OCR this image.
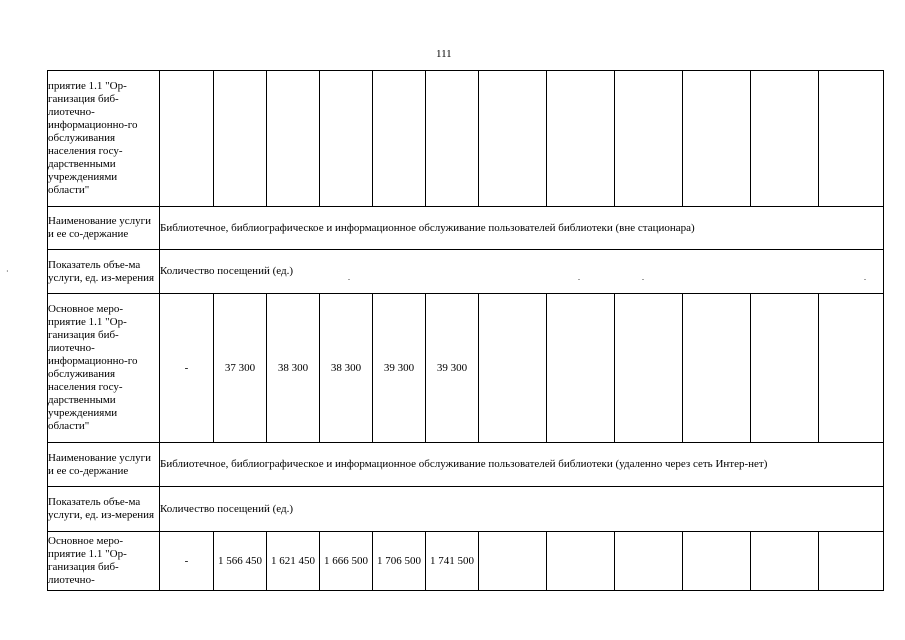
111
·
приятие 1.1 "Ор-ганизация биб-лиотечно-информационно-го обслуживания населения госу-дарственными учреждениями области"												
Наименование услуги и ее со-держание	Библиотечное, библиографическое и информационное обслуживание пользователей библиотеки (вне стационара)											
Показатель объе-ма услуги, ед. из-мерения	Количество посещений (ед.)
. . . .											

Основное меро-приятие 1.1 "Ор-ганизация биб-лиотечно-информационно-го обслуживания населения госу-дарственными учреждениями области"	-	37 300	38 300	38 300	39 300	39 300						
Наименование услуги и ее со-держание	Библиотечное, библиографическое и информационное обслуживание пользователей библиотеки (удаленно через сеть Интер-нет)											
Показатель объе-ма услуги, ед. из-мерения	Количество посещений (ед.)											
Основное меро-приятие 1.1 "Ор-ганизация биб-лиотечно-	-	1 566 450	1 621 450	1 666 500	1 706 500	1 741 500						
